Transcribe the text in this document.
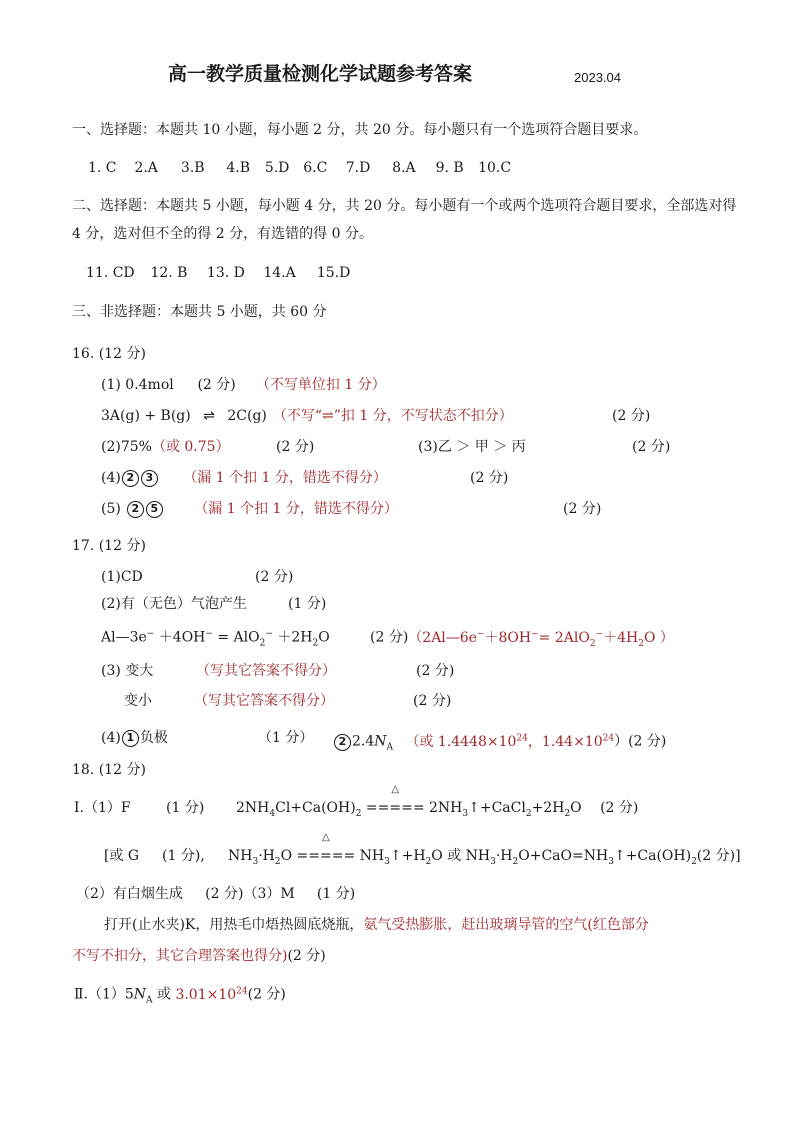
高一教学质量检测化学试题参考答案	2023.04
一、选择题：本题共 10 小题，每小题 2 分，共 20 分。每小题只有一个选项符合题目要求。
1. C 2.A 3.B 4.B 5.D 6.C 7.D 8.A 9. B 10.C
二、选择题：本题共 5 小题，每小题 4 分，共 20 分。每小题有一个或两个选项符合题目要求，全部选对得
4 分，选对但不全的得 2 分，有选错的得 0 分。
11. CD 12. B 13. D 14.A 15.D
三、非选择题：本题共 5 小题，共 60 分
16. (12 分)
(1) 0.4mol (2 分) （不写单位扣 1 分）
3A(g) + B(g) ⇌ 2C(g) （不写“⇌”扣 1 分，不写状态不扣分）	(2 分)
(2)75%（或 0.75）	(2 分)	(3)乙 ＞ 甲 ＞ 丙	(2 分)
(4) 2 3 （漏 1 个扣 1 分，错选不得分）	(2 分)
(5) 2 5	（漏 1 个扣 1 分，错选不得分）	(2 分)
17. (12 分)
(1)CD	(2 分)
(2)有（无色）气泡产生	(1 分)
Al—3e− $+4OH^- = AlO_2^- +2H_2O$	(2 分)（2Al—6e−＋8OH−= $2AlO_2^-+4H_2O$ ）
(3) 变大	（写其它答案不得分）	(2 分)
变小	（写其它答案不得分）	(2 分)
(4) 1 负极	（1 分）	2 $2.4N_A$ （或 $1.4448\times 10^{24}$，$1.44\times 10^{24})(2$ 分)
18. (12 分)
Ⅰ.（1）F	(1 分) $2NH_4Cl+Ca(OH)_2$
△
===== $2NH_3↑+CaCl_2+2H_2O$ (2 分)
[或 G (1 分), $NH_3\cdot H_2O$
△
===== $NH_3↑+H_2O$ 或 $NH_3\cdot H_2O+CaO=NH_3↑+Ca(OH)_2(2$ 分)]
（2）有白烟生成     (2 分)（3）M     (1 分)
打开(止水夹)K，用热毛巾焐热圆底烧瓶，氨气受热膨胀，赶出玻璃导管的空气(红色部分
不写不扣分，其它合理答案也得分)(2 分)
$Ⅱ.(1)5N_A$ 或 $3.01\times 10^{24}(2$ 分)
